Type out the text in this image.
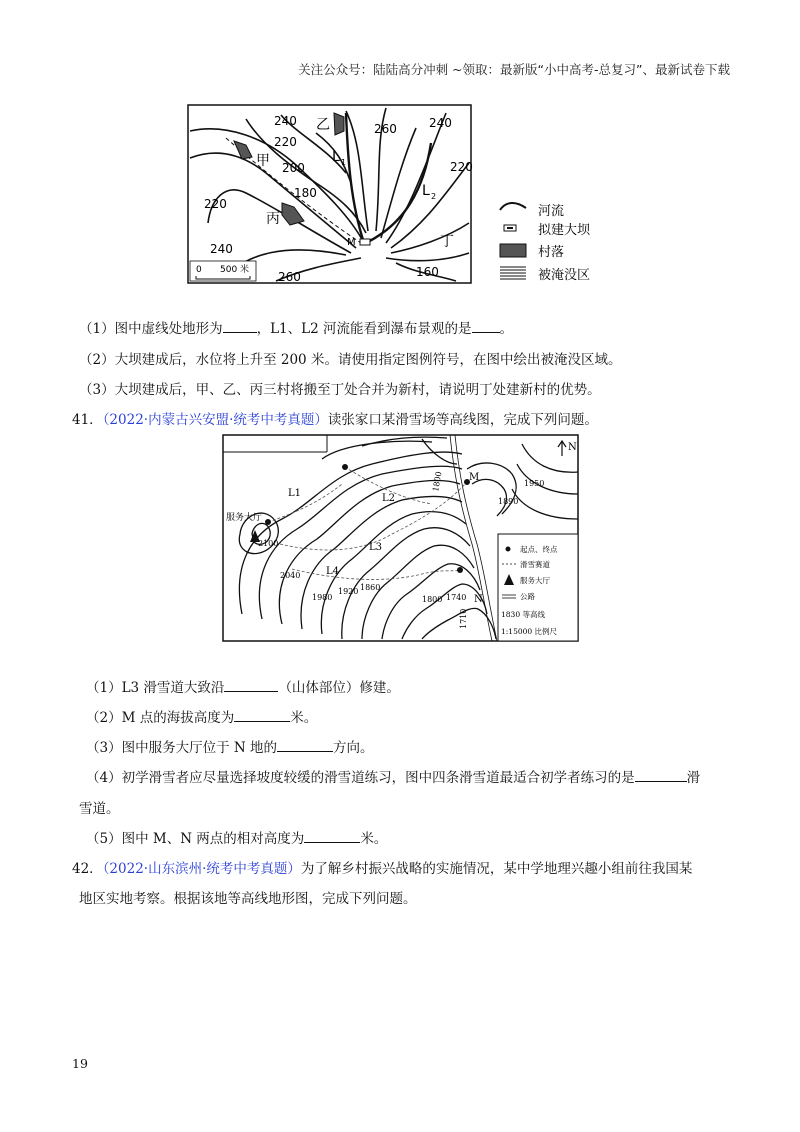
关注公众号：陆陆高分冲刺 ~领取：最新版“小中高考-总复习”、最新试卷下载
240
220
200
180
220
240
260	240
220
260	160
乙
甲
丙
丁
M
L 1
L 2
0 500 米
河流
拟建大坝
村落
被淹没区
（1）图中虚线处地形为	，L1、L2 河流能看到瀑布景观的是 。
（2）大坝建成后，水位将上升至 200 米。请使用指定图例符号，在图中绘出被淹没区域。
（3）大坝建成后，甲、乙、丙三村将搬至丁处合并为新村，请说明丁处建新村的优势。
41．（2022·内蒙古兴安盟·统考中考真题）读张家口某滑雪场等高线图，完成下列问题。
L1	L2
L3
L4
M
N
N
服务大厅
2100
2040
1980
1920 1860
1800 1740
1890
1950
1710
1800
起点、终点
滑雪赛道
服务大厅
公路
1830 等高线
1:15000 比例尺
（1）L3 滑雪道大致沿	（山体部位）修建。
（2）M 点的海拔高度为	米。
（3）图中服务大厅位于 N 地的	方向。
（4）初学滑雪者应尽量选择坡度较缓的滑雪道练习，图中四条滑雪道最适合初学者练习的是	滑
雪道。
（5）图中 M、N 两点的相对高度为	米。
42．（2022·山东滨州·统考中考真题）为了解乡村振兴战略的实施情况，某中学地理兴趣小组前往我国某
地区实地考察。根据该地等高线地形图，完成下列问题。
19
